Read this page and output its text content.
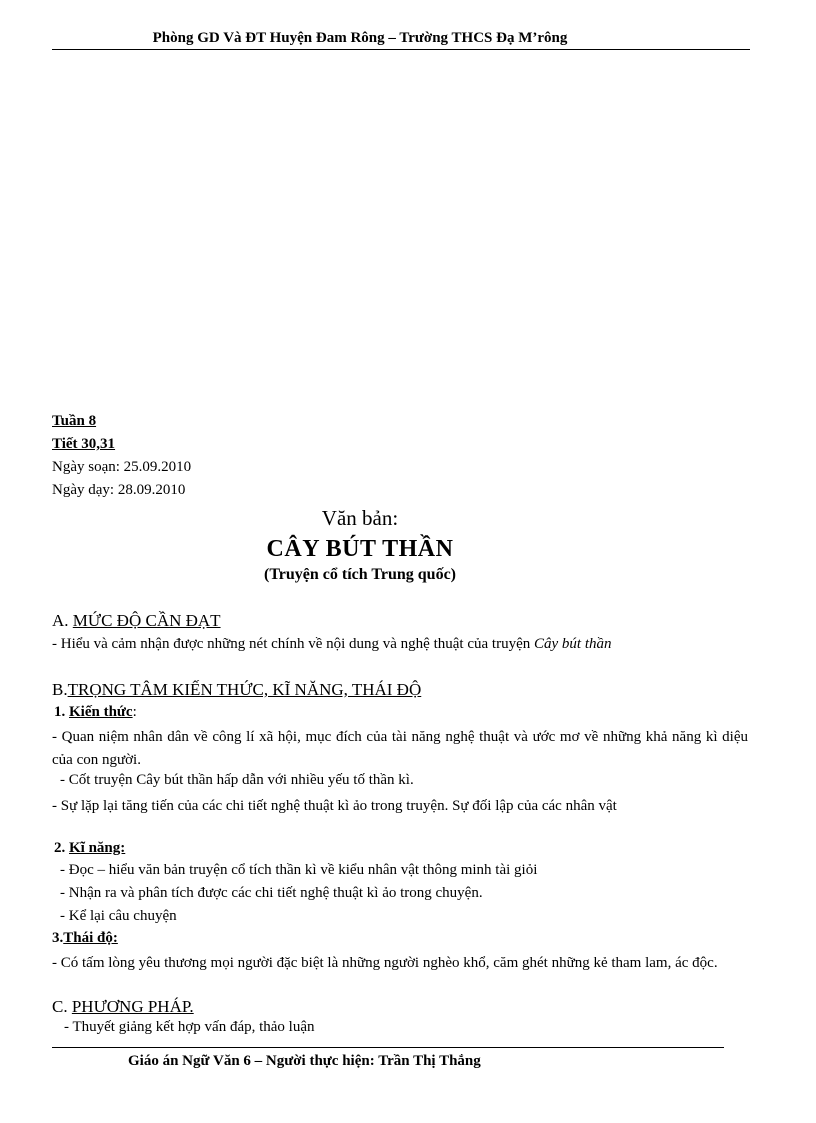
Phòng GD Và ĐT Huyện Đam Rông – Trường THCS Đạ M’rông
Tuần 8
Tiết 30,31
Ngày soạn: 25.09.2010
Ngày dạy: 28.09.2010
Văn bản:
CÂY BÚT THẦN
(Truyện cổ tích Trung quốc)
A. MỨC ĐỘ CẦN ĐẠT
- Hiểu và cảm nhận được những nét chính về nội dung và nghệ thuật của truyện Cây bút thần
B.TRỌNG TÂM KIẾN THỨC, KĨ NĂNG, THÁI ĐỘ
1. Kiến thức:
- Quan niệm nhân dân về công lí xã hội, mục đích của tài năng nghệ thuật và ước mơ về những khả năng kì diệu của con người.
- Cốt truyện Cây bút thần hấp dẫn với nhiều yếu tố thần kì.
- Sự lặp lại tăng tiến của các chi tiết nghệ thuật kì ảo trong truyện. Sự đối lập của các nhân vật
2. Kĩ năng:
- Đọc – hiểu văn bản truyện cổ tích thần kì về kiểu nhân vật thông minh tài giỏi
- Nhận ra và phân tích được các chi tiết nghệ thuật kì ảo trong chuyện.
- Kể lại câu chuyện
3.Thái độ:
- Có tấm lòng yêu thương mọi người đặc biệt là những người nghèo khổ, căm ghét những kẻ tham lam, ác độc.
C. PHƯƠNG PHÁP.
- Thuyết giảng kết hợp vấn đáp, thảo luận
Giáo án Ngữ Văn 6 – Người thực hiện: Trần Thị Thắng
